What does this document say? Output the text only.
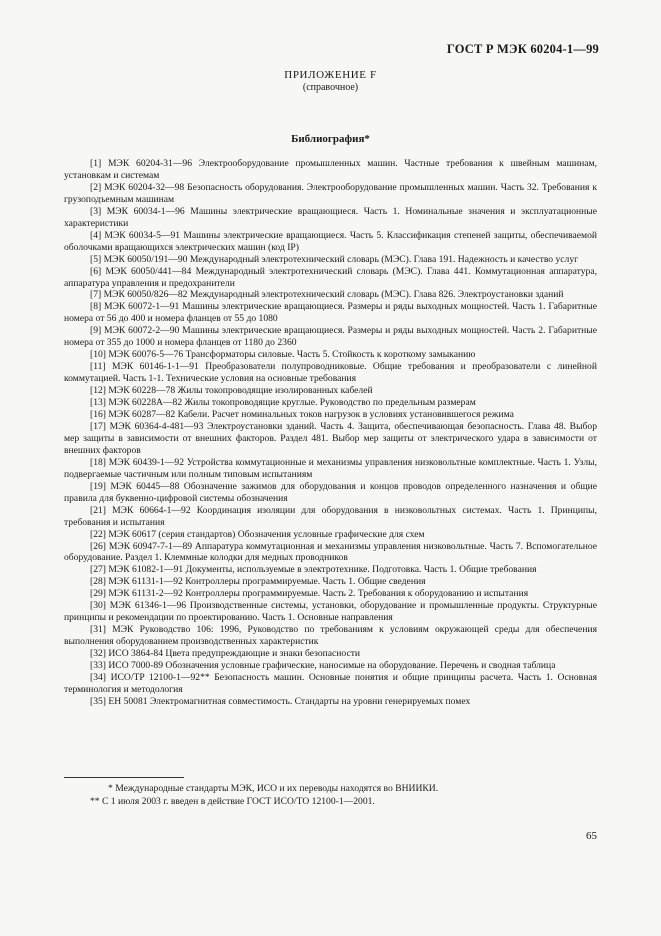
ГОСТ Р МЭК 60204-1—99
ПРИЛОЖЕНИЕ F
(справочное)
Библиография*

[1] МЭК 60204-31—96 Электрооборудование промышленных машин. Частные требования к швейным машинам, установкам и системам

[2] МЭК 60204-32—98 Безопасность оборудования. Электрооборудование промышленных машин. Часть 32. Требования к грузоподъемным машинам

[3] МЭК 60034-1—96 Машины электрические вращающиеся. Часть 1. Номинальные значения и эксплуатационные характеристики

[4] МЭК 60034-5—91 Машины электрические вращающиеся. Часть 5. Классификация степеней защиты, обеспечиваемой оболочками вращающихся электрических машин (код IP)

[5] МЭК 60050/191—90 Международный электротехнический словарь (МЭС). Глава 191. Надежность и качество услуг

[6] МЭК 60050/441—84 Международный электротехнический словарь (МЭС). Глава 441. Коммутационная аппаратура, аппаратура управления и предохранители

[7] МЭК 60050/826—82 Международный электротехнический словарь (МЭС). Глава 826. Электроустановки зданий

[8] МЭК 60072-1—91 Машины электрические вращающиеся. Размеры и ряды выходных мощностей. Часть 1. Габаритные номера от 56 до 400 и номера фланцев от 55 до 1080

[9] МЭК 60072-2—90 Машины электрические вращающиеся. Размеры и ряды выходных мощностей. Часть 2. Габаритные номера от 355 до 1000 и номера фланцев от 1180 до 2360

[10] МЭК 60076-5—76 Трансформаторы силовые. Часть 5. Стойкость к короткому замыканию

[11] МЭК 60146-1-1—91 Преобразователи полупроводниковые. Общие требования и преобразователи с линейной коммутацией. Часть 1-1. Технические условия на основные требования

[12] МЭК 60228—78 Жилы токопроводящие изолированных кабелей

[13] МЭК 60228А—82 Жилы токопроводящие круглые. Руководство по предельным размерам

[16] МЭК 60287—82 Кабели. Расчет номинальных токов нагрузок в условиях установившегося режима

[17] МЭК 60364-4-481—93 Электроустановки зданий. Часть 4. Защита, обеспечивающая безопасность. Глава 48. Выбор мер защиты в зависимости от внешних факторов. Раздел 481. Выбор мер защиты от электрического удара в зависимости от внешних факторов

[18] МЭК 60439-1—92 Устройства коммутационные и механизмы управления низковольтные комплектные. Часть 1. Узлы, подвергаемые частичным или полным типовым испытаниям

[19] МЭК 60445—88 Обозначение зажимов для оборудования и концов проводов определенного назначения и общие правила для буквенно-цифровой системы обозначения

[21] МЭК 60664-1—92 Координация изоляции для оборудования в низковольтных системах. Часть 1. Принципы, требования и испытания

[22] МЭК 60617 (серия стандартов) Обозначения условные графические для схем

[26] МЭК 60947-7-1—89 Аппаратура коммутационная и механизмы управления низковольтные. Часть 7. Вспомогательное оборудование. Раздел 1. Клеммные колодки для медных проводников

[27] МЭК 61082-1—91 Документы, используемые в электротехнике. Подготовка. Часть 1. Общие требования

[28] МЭК 61131-1—92 Контроллеры программируемые. Часть 1. Общие сведения

[29] МЭК 61131-2—92 Контроллеры программируемые. Часть 2. Требования к оборудованию и испытания

[30] МЭК 61346-1—96 Производственные системы, установки, оборудование и промышленные продукты. Структурные принципы и рекомендации по проектированию. Часть 1. Основные направления

[31] МЭК Руководство 106: 1996, Руководство по требованиям к условиям окружающей среды для обеспечения выполнения оборудованием производственных характеристик

[32] ИСО 3864-84 Цвета предупреждающие и знаки безопасности

[33] ИСО 7000-89 Обозначения условные графические, наносимые на оборудование. Перечень и сводная таблица

[34] ИСО/TP 12100-1—92** Безопасность машин. Основные понятия и общие принципы расчета. Часть 1. Основная терминология и методология

[35] EH 50081 Электромагнитная совместимость. Стандарты на уровни генерируемых помех

* Международные стандарты МЭК, ИСО и их переводы находятся во ВНИИКИ.

** С 1 июля 2003 г. введен в действие ГОСТ ИСО/ТО 12100-1—2001.

65
